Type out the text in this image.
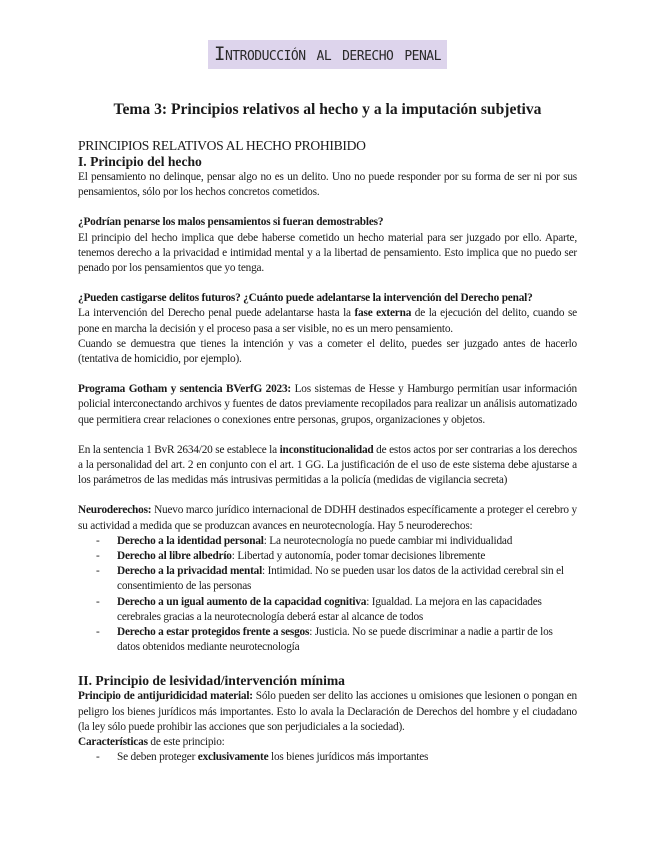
Introducción al derecho penal
Tema 3: Principios relativos al hecho y a la imputación subjetiva
PRINCIPIOS RELATIVOS AL HECHO PROHIBIDO
I. Principio del hecho

El pensamiento no delinque, pensar algo no es un delito. Uno no puede responder por su forma de ser ni por sus pensamientos, sólo por los hechos concretos cometidos.

¿Podrían penarse los malos pensamientos si fueran demostrables?

El principio del hecho implica que debe haberse cometido un hecho material para ser juzgado por ello. Aparte, tenemos derecho a la privacidad e intimidad mental y a la libertad de pensamiento. Esto implica que no puedo ser penado por los pensamientos que yo tenga.

¿Pueden castigarse delitos futuros? ¿Cuánto puede adelantarse la intervención del Derecho penal?

La intervención del Derecho penal puede adelantarse hasta la fase externa de la ejecución del delito, cuando se pone en marcha la decisión y el proceso pasa a ser visible, no es un mero pensamiento.

Cuando se demuestra que tienes la intención y vas a cometer el delito, puedes ser juzgado antes de hacerlo (tentativa de homicidio, por ejemplo).

Programa Gotham y sentencia BVerfG 2023: Los sistemas de Hesse y Hamburgo permitían usar información policial interconectando archivos y fuentes de datos previamente recopilados para realizar un análisis automatizado que permitiera crear relaciones o conexiones entre personas, grupos, organizaciones y objetos.

En la sentencia 1 BvR 2634/20 se establece la inconstitucionalidad de estos actos por ser contrarias a los derechos a la personalidad del art. 2 en conjunto con el art. 1 GG. La justificación de el uso de este sistema debe ajustarse a los parámetros de las medidas más intrusivas permitidas a la policía (medidas de vigilancia secreta)

Neuroderechos: Nuevo marco jurídico internacional de DDHH destinados específicamente a proteger el cerebro y su actividad a medida que se produzcan avances en neurotecnología. Hay 5 neuroderechos:

- Derecho a la identidad personal: La neurotecnología no puede cambiar mi individualidad
- Derecho al libre albedrío: Libertad y autonomía, poder tomar decisiones libremente
- Derecho a la privacidad mental: Intimidad. No se pueden usar los datos de la actividad cerebral sin el consentimiento de las personas
- Derecho a un igual aumento de la capacidad cognitiva: Igualdad. La mejora en las capacidades cerebrales gracias a la neurotecnología deberá estar al alcance de todos
- Derecho a estar protegidos frente a sesgos: Justicia. No se puede discriminar a nadie a partir de los datos obtenidos mediante neurotecnología
II. Principio de lesividad/intervención mínima

Principio de antijuridicidad material: Sólo pueden ser delito las acciones u omisiones que lesionen o pongan en peligro los bienes jurídicos más importantes. Esto lo avala la Declaración de Derechos del hombre y el ciudadano (la ley sólo puede prohibir las acciones que son perjudiciales a la sociedad).

Características de este principio:

- Se deben proteger exclusivamente los bienes jurídicos más importantes
